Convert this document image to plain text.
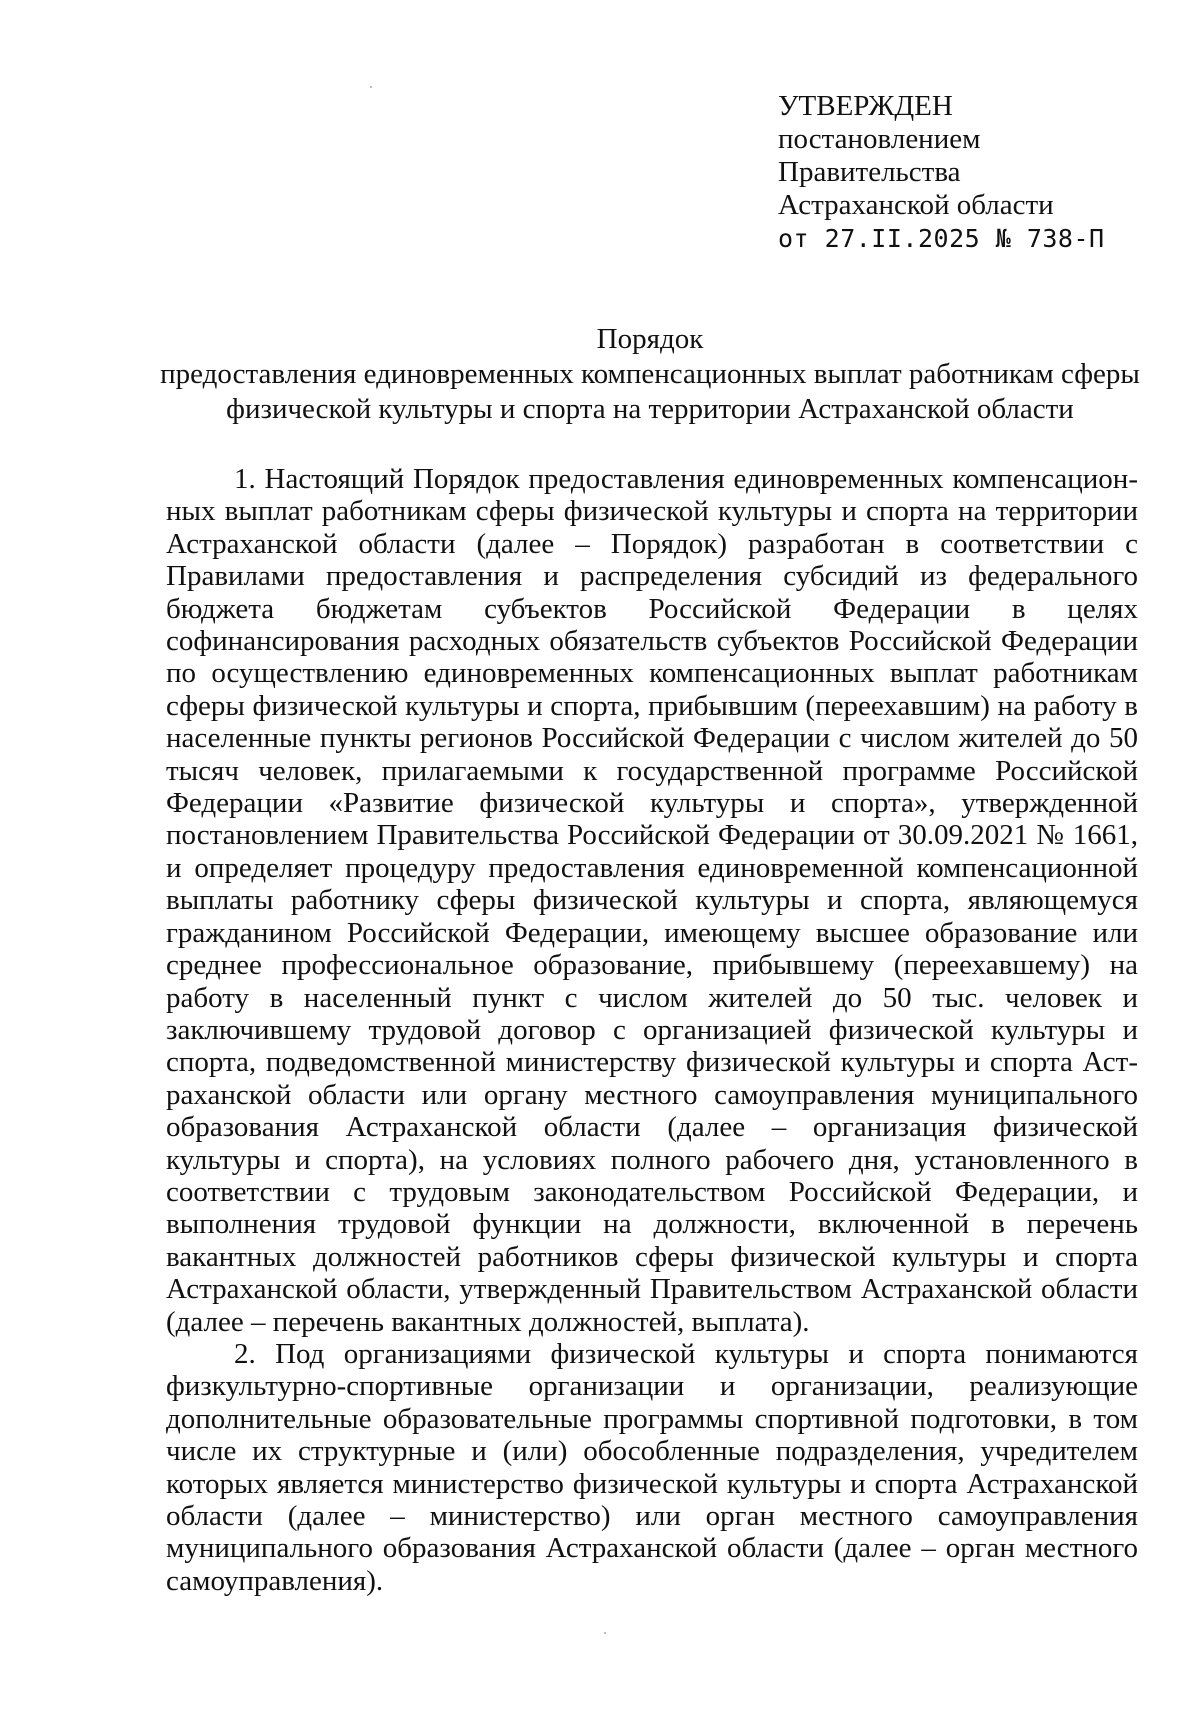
УТВЕРЖДЕН
постановлением
Правительства
Астраханской области
от 27.II.2025 № 738-П
Порядок
предоставления единовременных компенсационных выплат работникам сферы
физической культуры и спорта на территории Астраханской области

1. Настоящий Порядок предоставления единовременных компенсационных выплат работникам сферы физической культуры и спорта на территории Астраханской области (далее – Порядок) разработан в соответствии с Правилами предоставления и распределения субсидий из федерального бюджета бюджетам субъектов Российской Федерации в целях софинансирования расходных обязательств субъектов Российской Федерации по осуществлению единовременных компенсационных выплат работникам сферы физической культуры и спорта, прибывшим (переехавшим) на работу в населенные пункты регионов Российской Федерации с числом жителей до 50 тысяч человек, прилагаемыми к государственной программе Российской Федерации «Развитие физической культуры и спорта», утвержденной постановлением Правительства Российской Федерации от 30.09.2021 № 1661, и определяет процедуру предоставления единовременной компенсационной выплаты работнику сферы физической культуры и спорта, являющемуся гражданином Российской Федерации, имеющему высшее образование или среднее профессиональное образование, прибывшему (переехавшему) на работу в населенный пункт с числом жителей до 50 тыс. человек и заключившему трудовой договор с организацией физической культуры и спорта, подведомственной министерству физической культуры и спорта Астраханской области или органу местного самоуправления муниципального образования Астраханской области (далее – организация физической культуры и спорта), на условиях полного рабочего дня, установленного в соответствии с трудовым законодательством Российской Федерации, и выполнения трудовой функции на должности, включенной в перечень вакантных должностей работников сферы физической культуры и спорта Астраханской области, утвержденный Правительством Астраханской области (далее – перечень вакантных должностей, выплата).

2. Под организациями физической культуры и спорта понимаются физкультурно-спортивные организации и организации, реализующие дополнительные образовательные программы спортивной подготовки, в том числе их структурные и (или) обособленные подразделения, учредителем которых является министерство физической культуры и спорта Астраханской области (далее – министерство) или орган местного самоуправления муниципального образования Астраханской области (далее – орган местного самоуправления).
